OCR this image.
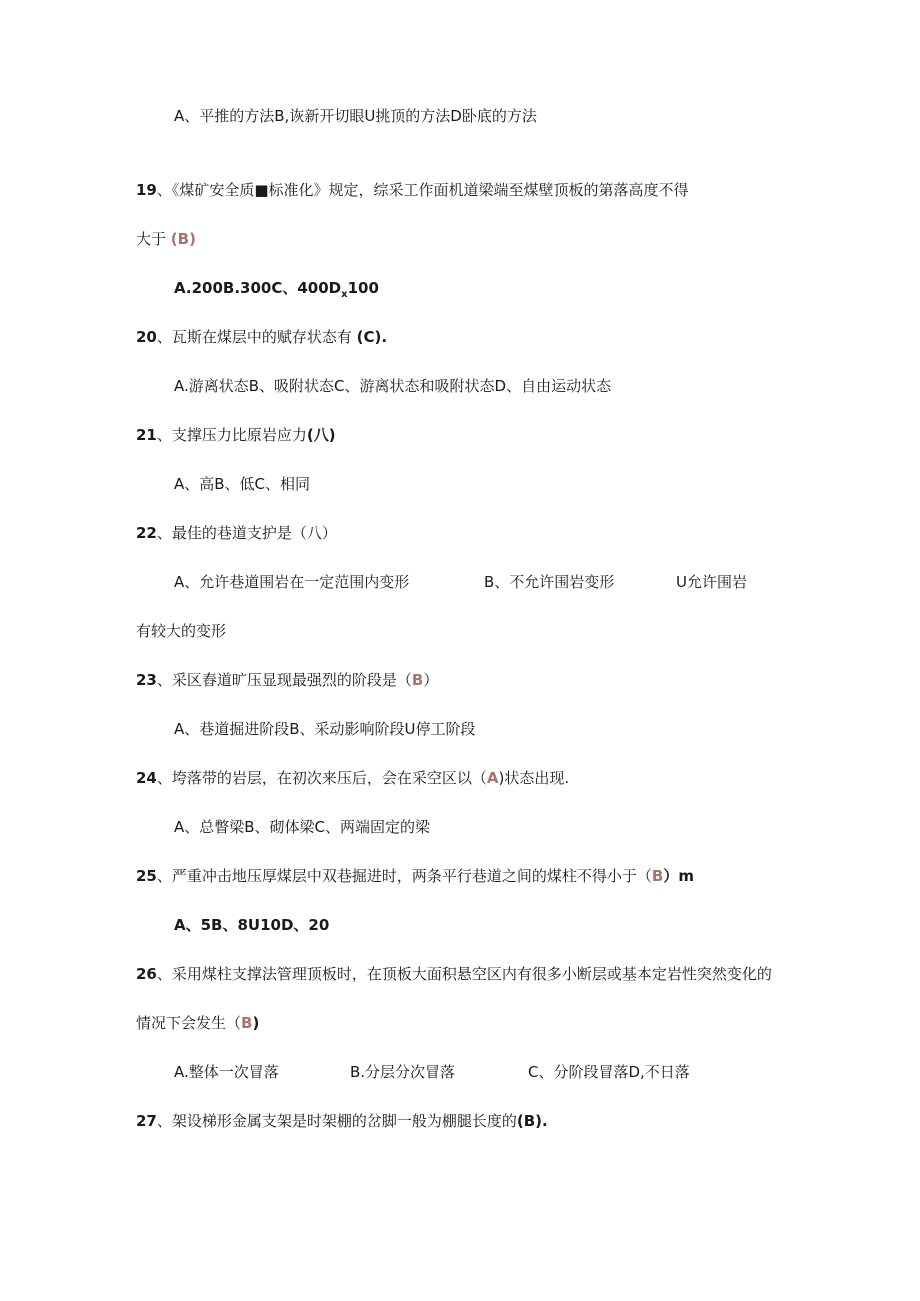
A、平推的方法B,诙新开切眼U挑顶的方法D卧底的方法
19、《煤矿安全质■标准化》规定，综采工作面机道梁端至煤壁顶板的第落高度不得
大于 (B)
A.200B.300C、$400D_x100$
20、瓦斯在煤层中的赋存状态有 (C).
A.游离状态B、吸附状态C、游离状态和吸附状态D、自由运动状态
21、支撑压力比原岩应力(八)
A、高B、低C、相同
22、最佳的巷道支护是（八）
A、允许巷道围岩在一定范围内变形	B、不允许围岩变形	U允许围岩
有较大的变形
23、采区舂道旷压显现最强烈的阶段是（B）
A、巷道掘进阶段B、采动影响阶段U停工阶段
24、垮落带的岩层，在初次来压后，会在采空区以（A)状态出现.
A、总瞥梁B、砌体梁C、两端固定的梁
25、严重冲击地压厚煤层中双巷掘进时，两条平行巷道之间的煤柱不得小于（B）m
A、5B、8U10D、20
26、采用煤柱支撑法管理顶板时，在顶板大面积悬空区内有很多小断层或基本定岩性突然变化的
情况下会发生（B)
A.整体一次冒落	B.分层分次冒落	C、分阶段冒落D,不日落
27、架设梯形金属支架是时架棚的岔脚一般为棚腿长度的(B).
